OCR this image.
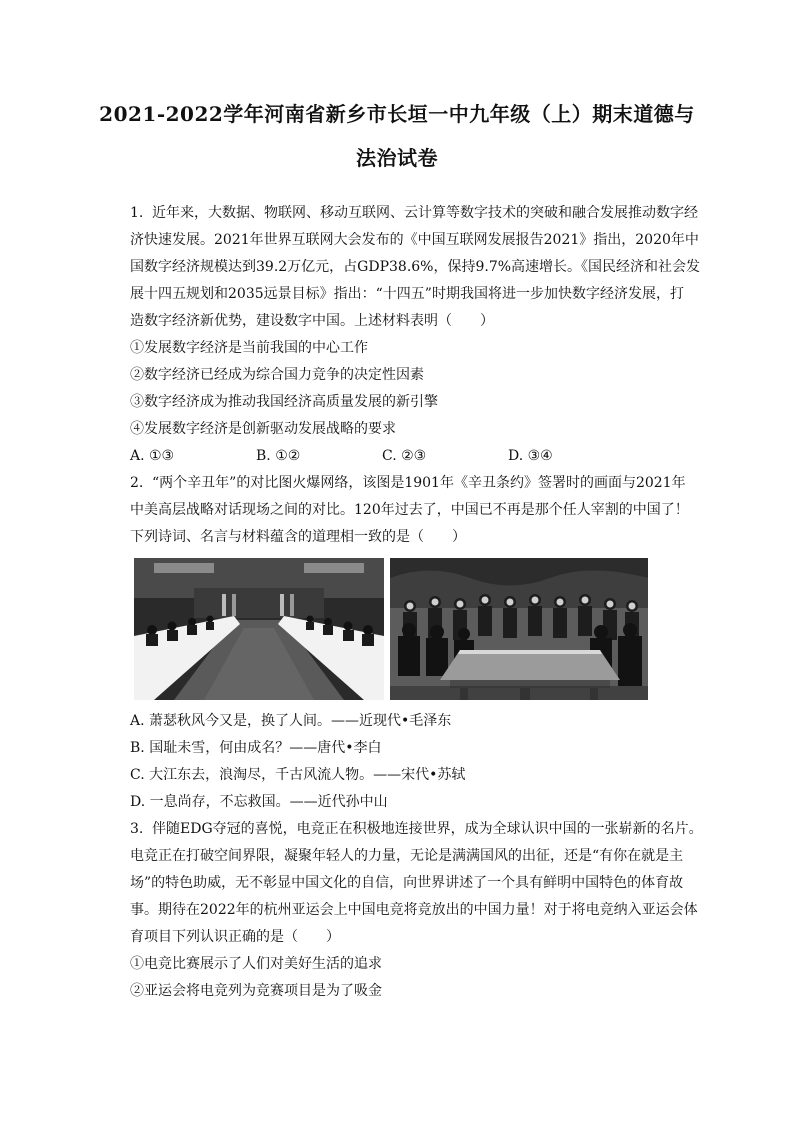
2021-2022学年河南省新乡市长垣一中九年级（上）期末道德与
法治试卷
1. 近年来，大数据、物联网、移动互联网、云计算等数字技术的突破和融合发展推动数字经
济快速发展。2021年世界互联网大会发布的《中国互联网发展报告2021》指出，2020年中
国数字经济规模达到39.2万亿元，占GDP38.6%，保持9.7%高速增长。《国民经济和社会发
展十四五规划和2035远景目标》指出：“十四五”时期我国将进一步加快数字经济发展，打
造数字经济新优势，建设数字中国。上述材料表明（　　）
①发展数字经济是当前我国的中心工作
②数字经济已经成为综合国力竞争的决定性因素
③数字经济成为推动我国经济高质量发展的新引擎
④发展数字经济是创新驱动发展战略的要求
A. ①③	B. ①②	C. ②③	D. ③④
2. “两个辛丑年”的对比图火爆网络，该图是1901年《辛丑条约》签署时的画面与2021年
中美高层战略对话现场之间的对比。120年过去了，中国已不再是那个任人宰割的中国了！
下列诗词、名言与材料蕴含的道理相一致的是（　　）
A. 萧瑟秋风今又是，换了人间。——近现代•毛泽东
B. 国耻未雪，何由成名？——唐代•李白
C. 大江东去，浪淘尽，千古风流人物。——宋代•苏轼
D. 一息尚存，不忘救国。——近代孙中山
3. 伴随EDG夺冠的喜悦，电竞正在积极地连接世界，成为全球认识中国的一张崭新的名片。
电竞正在打破空间界限，凝聚年轻人的力量，无论是满满国风的出征，还是“有你在就是主
场”的特色助威，无不彰显中国文化的自信，向世界讲述了一个具有鲜明中国特色的体育故
事。期待在2022年的杭州亚运会上中国电竞将竞放出的中国力量！对于将电竞纳入亚运会体
育项目下列认识正确的是（　　）
①电竞比赛展示了人们对美好生活的追求
②亚运会将电竞列为竞赛项目是为了吸金
